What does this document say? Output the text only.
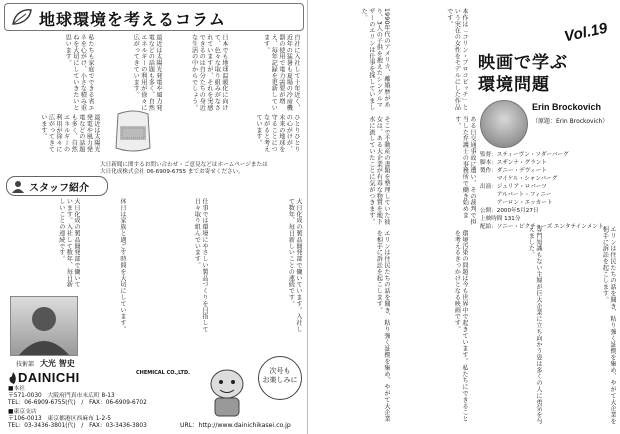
地球環境を考えるコラム
自社に入社して十年近く、近年の猛暑も夏場の冷房機器の使用で電力需要が増え、毎年記録を更新しています。
日本でも地球温暖化に向けて、色々な取り組みがなされていますが、それを実感できるのは自分たちの身近な生活の中からでしょう。
最近は太陽光発電や風力発電などの話題も多く、自然エネルギーの利用が徐々に広がってきています。
私たちも家庭でできる省エネを心がけ、小さな積み重ねを大切にしていきたいと思います。
ひとりひとりの心がけが、未来の地球を守ることにつながると考えています。
最近は太陽光発電や風力発電などの話題も多く、自然エネルギーの利用が徐々に広がってきています。
大日新聞に関するお問い合わせ・ご意見などはホームページまたは
大日化成株式会社 06-6909-6755 までお寄せください。
スタッフ紹介
大日化成の製品開発部で働いています。入社して数年、毎日新しいことの連続です。
仕事では環境にやさしい製品づくりを目指して日々取り組んでいます。
休日は家族と過ごす時間を大切にしています。
大日化成の製品開発部で働いています。入社して数年、毎日新しいことの連続です。
技術部 大光 智史
DAINICHI	CHEMICAL CO.,LTD.
■本社
〒571-0030　大阪府門真市末広町 8-13
TEL：06-6909-6755(代)　/　FAX：06-6909-6702
■東京支店
〒106-0013　東京都港区西麻布 1-2-5
TEL：03-3436-3801(代)　/　FAX：03-3436-3803
次号も
お楽しみに
URL：http://www.dainichikasei.co.jp
Vol.19
映画で学ぶ
環境問題
Erin Brockovich
（原題：Erin Brockovich）
監督：スティーヴン・ソダーバーグ
脚本：スザンナ・グラント
製作：ダニー・デヴィート
　　　マイケル・シャンバーグ
出演：ジュリア・ロバーツ
　　　アルバート・フィニー
　　　アーロン・エッカート
公開：2000年5月27日
上映時間 131分
配給：ソニー・ピクチャーズ エンタテインメント
本作は「コリン・ブロコビッチ」という実在の女性をモデルにした作品です。
1990年代のアメリカ、離婚歴があり、3人の子供を抱えたシングルマザーのエリンは仕事を探していました。
ある日交通事故に遭い、その裁判で担当した弁護士の事務所で働き始めます。
そこで不動産の書類を整理していた彼女は、ある大企業が有毒な物質を地下水に流していたことに気がつきます。
エリンは住民たちの話を聞き、粘り強く証拠を集め、やがて大企業を相手に訴訟を起こします。
専門知識もない主婦が巨大企業に立ち向かう姿は多くの人に勇気を与えました。
環境汚染の問題は今も世界中で起きています。私たちにできることを考えるきっかけとなる映画です。
エリンは住民たちの話を聞き、粘り強く証拠を集め、やがて大企業を相手に訴訟を起こします。
